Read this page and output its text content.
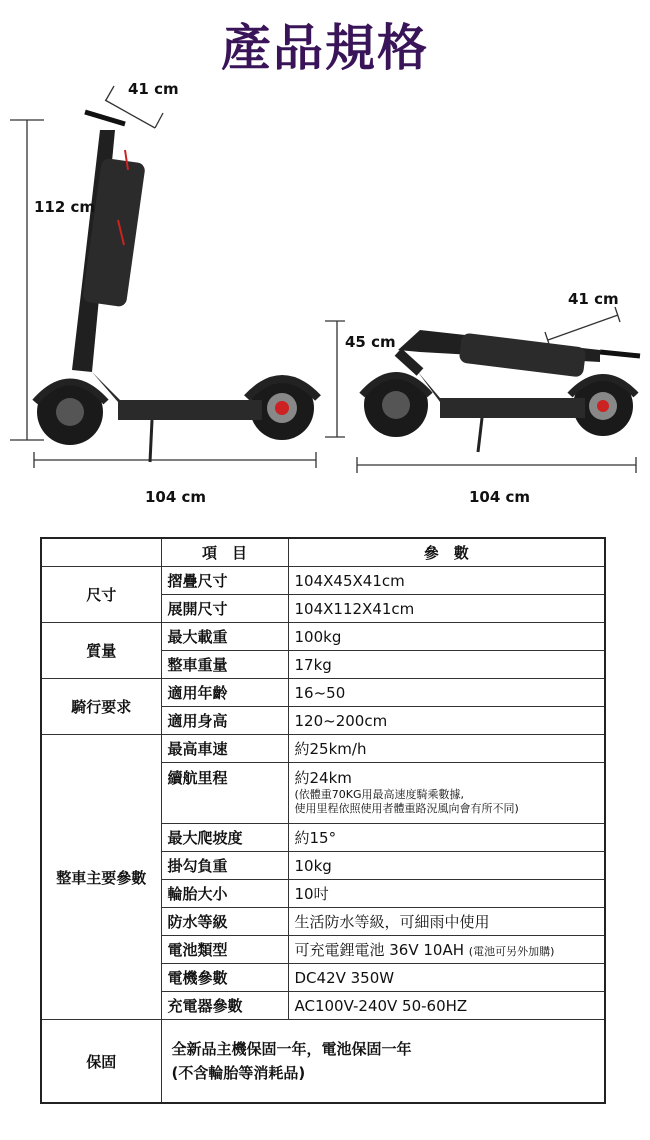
產品規格
41 cm
112 cm
104 cm
41 cm
45 cm
104 cm
	項　目	參　數
尺寸	摺疊尺寸	104X45X41cm
	展開尺寸	104X112X41cm
質量	最大載重	100kg
	整車重量	17kg
騎行要求	適用年齡	16~50
	適用身高	120~200cm
整車主要參數	最高車速	約25km/h
	續航里程	約24km
(依體重70KG用最高速度騎乘數據,
使用里程依照使用者體重路況風向會有所不同)

	最大爬坡度	約15°
	掛勾負重	10kg
	輪胎大小	10吋
	防水等級	生活防水等級，可細雨中使用
	電池類型	可充電鋰電池 36V 10AH (電池可另外加購)
	電機參數	DC42V 350W
	充電器參數	AC100V-240V 50-60HZ
保固	全新品主機保固一年，電池保固一年
(不含輪胎等消耗品)	
